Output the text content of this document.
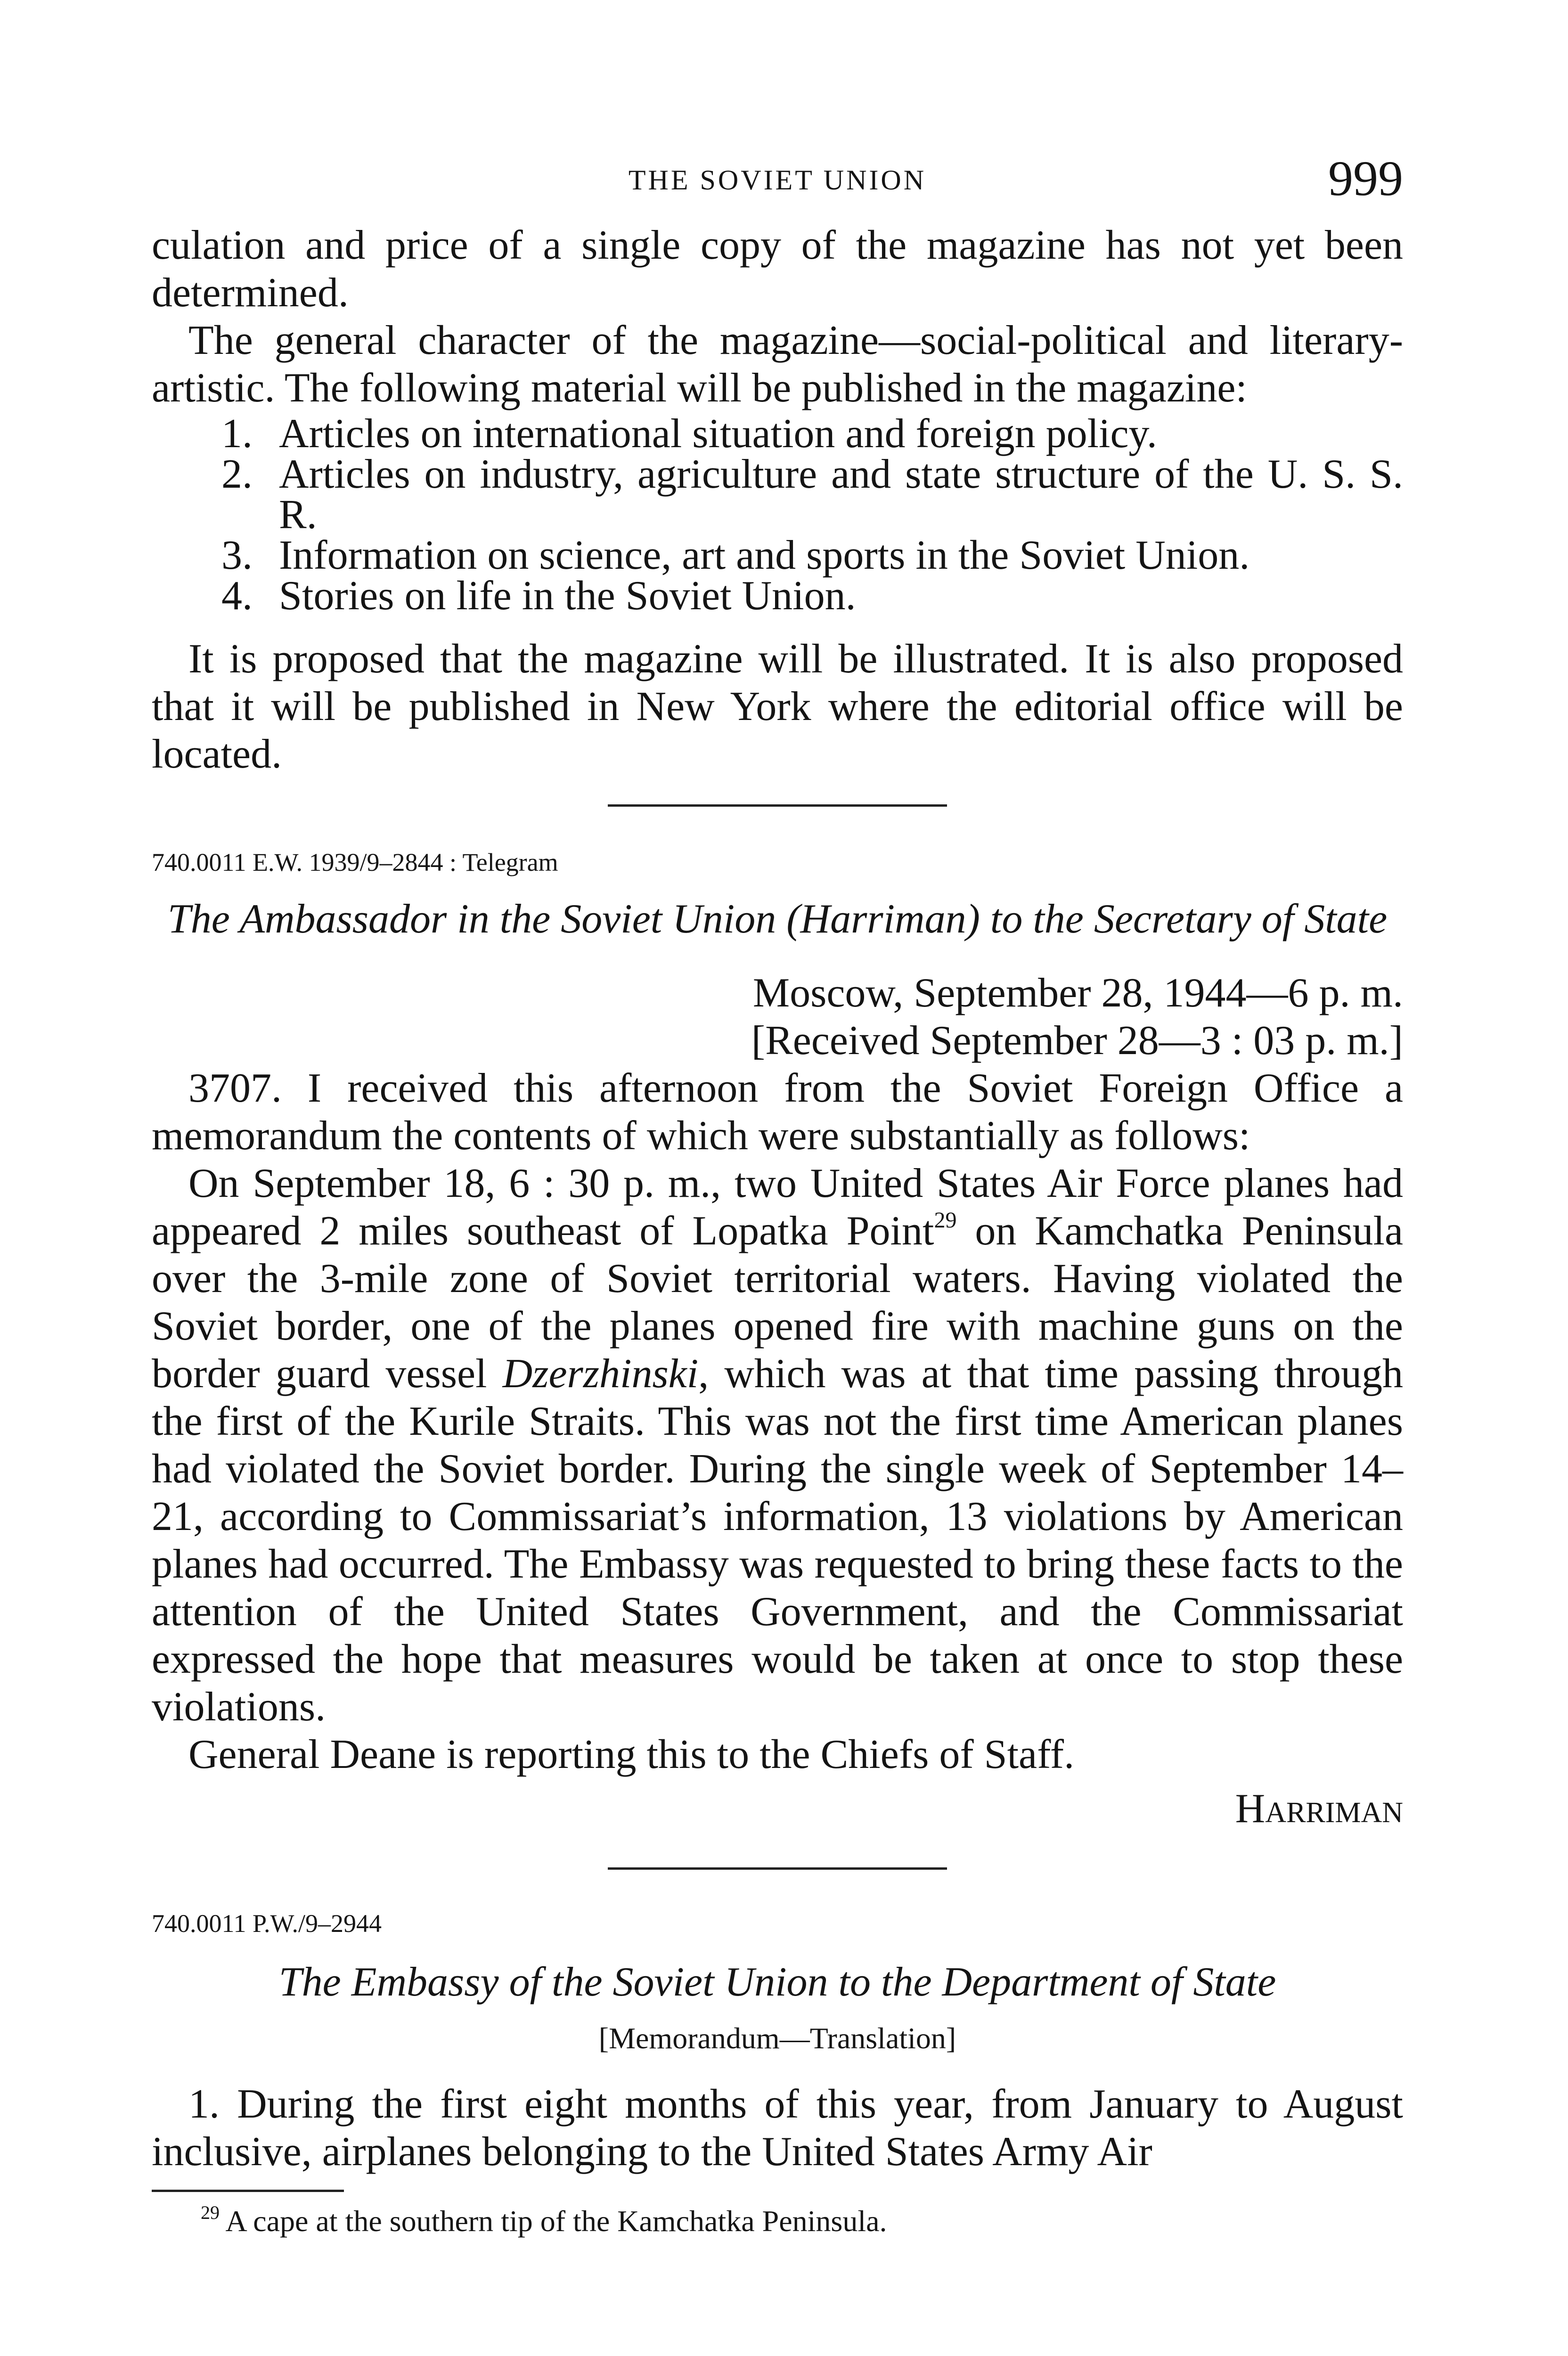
THE SOVIET UNION	999

culation and price of a single copy of the magazine has not yet been determined.

The general character of the magazine—social-political and literary-artistic. The following material will be published in the magazine:

1. Articles on international situation and foreign policy.
2. Articles on industry, agriculture and state structure of the U. S. S. R.
3. Information on science, art and sports in the Soviet Union.
4. Stories on life in the Soviet Union.

It is proposed that the magazine will be illustrated. It is also proposed that it will be published in New York where the editorial office will be located.

740.0011 E.W. 1939/9–2844 : Telegram
The Ambassador in the Soviet Union (Harriman) to the Secretary of State
Moscow, September 28, 1944—6 p. m.
[Received September 28—3 : 03 p. m.]

3707. I received this afternoon from the Soviet Foreign Office a memorandum the contents of which were substantially as follows:

On September 18, 6 : 30 p. m., two United States Air Force planes had appeared 2 miles southeast of Lopatka Point$^{29}$ on Kamchatka Peninsula over the 3-mile zone of Soviet territorial waters. Having violated the Soviet border, one of the planes opened fire with machine guns on the border guard vessel Dzerzhinski, which was at that time passing through the first of the Kurile Straits. This was not the first time American planes had violated the Soviet border. During the single week of September 14–21, according to Commissariat’s information, 13 violations by American planes had occurred. The Embassy was requested to bring these facts to the attention of the United States Government, and the Commissariat expressed the hope that measures would be taken at once to stop these violations.

General Deane is reporting this to the Chiefs of Staff.

Harriman
740.0011 P.W./9–2944
The Embassy of the Soviet Union to the Department of State
[Memorandum—Translation]

1. During the first eight months of this year, from January to August inclusive, airplanes belonging to the United States Army Air

$^{29}$ A cape at the southern tip of the Kamchatka Peninsula.
